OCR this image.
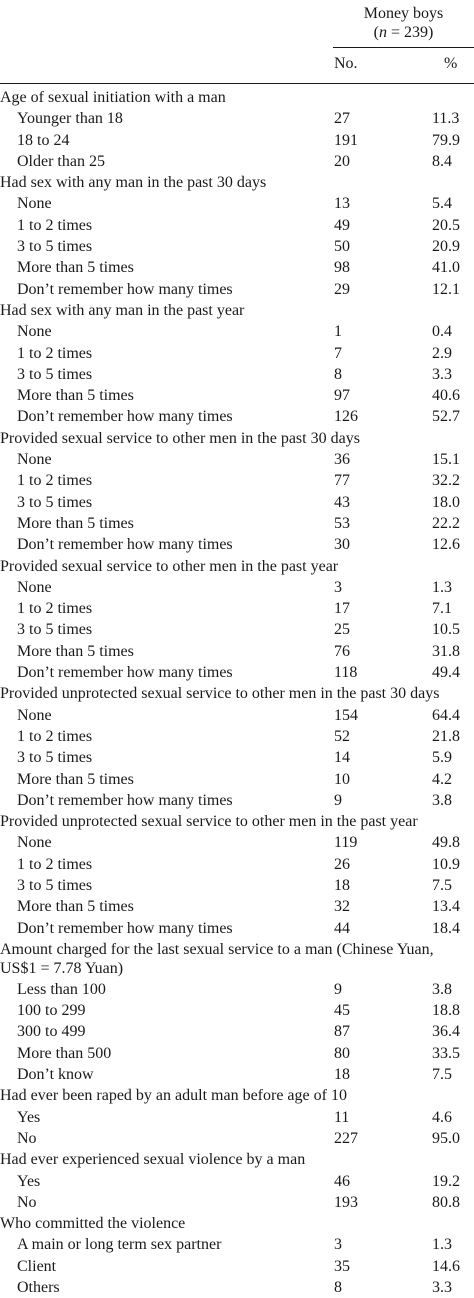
Money boys
(n = 239)
No.	%
Age of sexual initiation with a man
Younger than 18	27	11.3
18 to 24	191	79.9
Older than 25	20	8.4
Had sex with any man in the past 30 days
None	13	5.4
1 to 2 times	49	20.5
3 to 5 times	50	20.9
More than 5 times	98	41.0
Don’t remember how many times	29	12.1
Had sex with any man in the past year
None	1	0.4
1 to 2 times	7	2.9
3 to 5 times	8	3.3
More than 5 times	97	40.6
Don’t remember how many times	126	52.7
Provided sexual service to other men in the past 30 days
None	36	15.1
1 to 2 times	77	32.2
3 to 5 times	43	18.0
More than 5 times	53	22.2
Don’t remember how many times	30	12.6
Provided sexual service to other men in the past year
None	3	1.3
1 to 2 times	17	7.1
3 to 5 times	25	10.5
More than 5 times	76	31.8
Don’t remember how many times	118	49.4
Provided unprotected sexual service to other men in the past 30 days
None	154	64.4
1 to 2 times	52	21.8
3 to 5 times	14	5.9
More than 5 times	10	4.2
Don’t remember how many times	9	3.8
Provided unprotected sexual service to other men in the past year
None	119	49.8
1 to 2 times	26	10.9
3 to 5 times	18	7.5
More than 5 times	32	13.4
Don’t remember how many times	44	18.4
Amount charged for the last sexual service to a man (Chinese Yuan, US$1 = 7.78 Yuan)
Less than 100	9	3.8
100 to 299	45	18.8
300 to 499	87	36.4
More than 500	80	33.5
Don’t know	18	7.5
Had ever been raped by an adult man before age of 10
Yes	11	4.6
No	227	95.0
Had ever experienced sexual violence by a man
Yes	46	19.2
No	193	80.8
Who committed the violence
A main or long term sex partner	3	1.3
Client	35	14.6
Others	8	3.3
